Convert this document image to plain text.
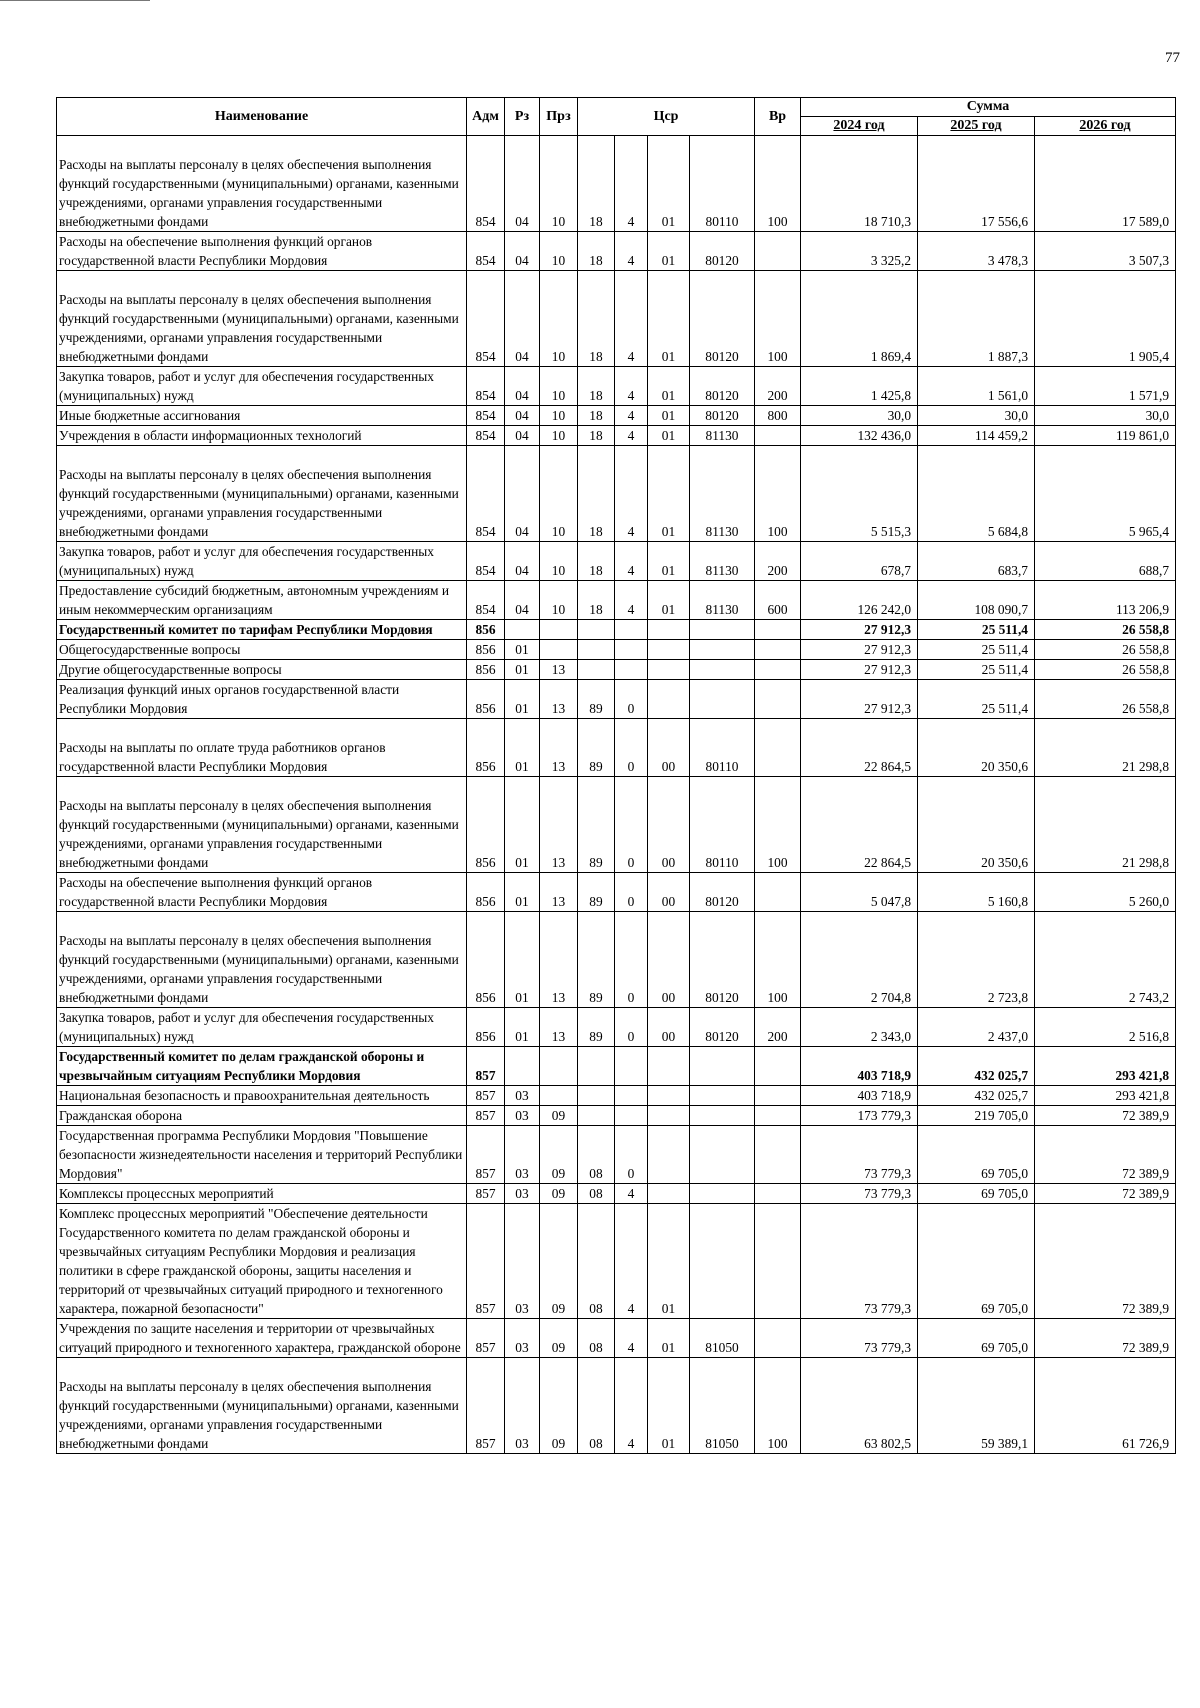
77
Наименование	Адм	Рз	Прз	Цср				Вр	Сумма		
									2024 год	2025 год	2026 год

Расходы на выплаты персоналу в целях обеспечения выполнения функций государственными (муниципальными) органами, казенными учреждениями, органами управления государственными внебюджетными фондами	854	04	10	18	4	01	80110	100	18 710,3	17 556,6	17 589,0
Расходы на обеспечение выполнения функций органов государственной власти Республики Мордовия	854	04	10	18	4	01	80120		3 325,2	3 478,3	3 507,3

Расходы на выплаты персоналу в целях обеспечения выполнения функций государственными (муниципальными) органами, казенными учреждениями, органами управления государственными внебюджетными фондами	854	04	10	18	4	01	80120	100	1 869,4	1 887,3	1 905,4
Закупка товаров, работ и услуг для обеспечения государственных (муниципальных) нужд	854	04	10	18	4	01	80120	200	1 425,8	1 561,0	1 571,9
Иные бюджетные ассигнования	854	04	10	18	4	01	80120	800	30,0	30,0	30,0
Учреждения в области информационных технологий	854	04	10	18	4	01	81130		132 436,0	114 459,2	119 861,0

Расходы на выплаты персоналу в целях обеспечения выполнения функций государственными (муниципальными) органами, казенными учреждениями, органами управления государственными внебюджетными фондами	854	04	10	18	4	01	81130	100	5 515,3	5 684,8	5 965,4
Закупка товаров, работ и услуг для обеспечения государственных (муниципальных) нужд	854	04	10	18	4	01	81130	200	678,7	683,7	688,7
Предоставление субсидий бюджетным, автономным учреждениям и иным некоммерческим организациям	854	04	10	18	4	01	81130	600	126 242,0	108 090,7	113 206,9
Государственный комитет по тарифам Республики Мордовия	856								27 912,3	25 511,4	26 558,8
Общегосударственные вопросы	856	01							27 912,3	25 511,4	26 558,8
Другие общегосударственные вопросы	856	01	13						27 912,3	25 511,4	26 558,8
Реализация функций иных органов государственной власти Республики Мордовия	856	01	13	89	0				27 912,3	25 511,4	26 558,8

Расходы на выплаты по оплате труда работников органов государственной власти Республики Мордовия	856	01	13	89	0	00	80110		22 864,5	20 350,6	21 298,8

Расходы на выплаты персоналу в целях обеспечения выполнения функций государственными (муниципальными) органами, казенными учреждениями, органами управления государственными внебюджетными фондами	856	01	13	89	0	00	80110	100	22 864,5	20 350,6	21 298,8
Расходы на обеспечение выполнения функций органов государственной власти Республики Мордовия	856	01	13	89	0	00	80120		5 047,8	5 160,8	5 260,0

Расходы на выплаты персоналу в целях обеспечения выполнения функций государственными (муниципальными) органами, казенными учреждениями, органами управления государственными внебюджетными фондами	856	01	13	89	0	00	80120	100	2 704,8	2 723,8	2 743,2
Закупка товаров, работ и услуг для обеспечения государственных (муниципальных) нужд	856	01	13	89	0	00	80120	200	2 343,0	2 437,0	2 516,8
Государственный комитет по делам гражданской обороны и чрезвычайным ситуациям Республики Мордовия	857								403 718,9	432 025,7	293 421,8
Национальная безопасность и правоохранительная деятельность	857	03							403 718,9	432 025,7	293 421,8
Гражданская оборона	857	03	09						173 779,3	219 705,0	72 389,9
Государственная программа Республики Мордовия "Повышение безопасности жизнедеятельности населения и территорий Республики Мордовия"	857	03	09	08	0				73 779,3	69 705,0	72 389,9
Комплексы процессных мероприятий	857	03	09	08	4				73 779,3	69 705,0	72 389,9
Комплекс процессных мероприятий "Обеспечение деятельности Государственного комитета по делам гражданской обороны и чрезвычайных ситуациям Республики Мордовия и реализация политики в сфере гражданской обороны, защиты населения и территорий от чрезвычайных ситуаций природного и техногенного характера, пожарной безопасности"	857	03	09	08	4	01			73 779,3	69 705,0	72 389,9
Учреждения по защите населения и территории от чрезвычайных ситуаций природного и техногенного характера, гражданской обороне	857	03	09	08	4	01	81050		73 779,3	69 705,0	72 389,9

Расходы на выплаты персоналу в целях обеспечения выполнения функций государственными (муниципальными) органами, казенными учреждениями, органами управления государственными внебюджетными фондами	857	03	09	08	4	01	81050	100	63 802,5	59 389,1	61 726,9
